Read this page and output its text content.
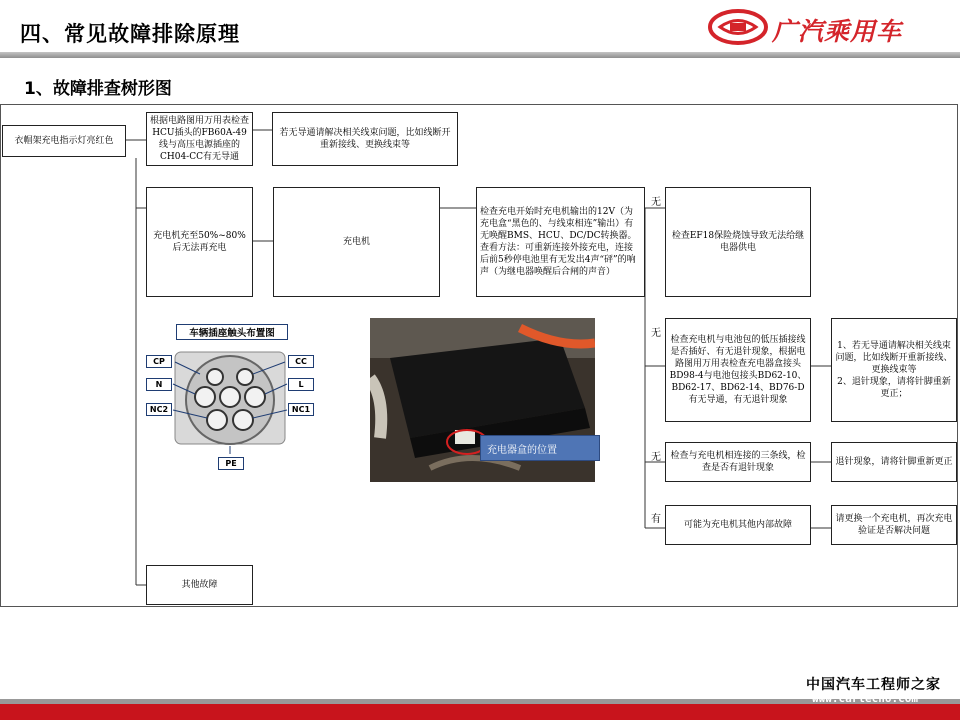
四、常见故障排除原理	广汽乘用车
1、故障排查树形图
衣帽架充电指示灯亮红色
根据电路图用万用表检查HCU插头的FB60A-49线与高压电源插座的CH04-CC有无导通
若无导通请解决相关线束问题，比如线断开重新接线、更换线束等
充电机充至50%~80%后无法再充电
充电机
检查充电开始时充电机输出的12V（为充电盒“黑色的、与线束相连”输出）有无唤醒BMS、HCU、DC/DC转换器。查看方法：可重新连接外接充电，连接后前5秒停电池里有无发出4声“砰”的响声（为继电器唤醒后合闸的声音）
检查EF18保险烧蚀导致无法给继电器供电
检查充电机与电池包的低压插接线是否插好、有无退针现象，根据电路图用万用表检查充电器盒接头BD98-4与电池包接头BD62-10、BD62-17、BD62-14、BD76-D有无导通，有无退针现象
1、若无导通请解决相关线束问题，比如线断开重新接线、更换线束等
2、退针现象，请将针脚重新更正；
检查与充电机相连接的三条线，检查是否有退针现象
退针现象，请将针脚重新更正
可能为充电机其他内部故障
请更换一个充电机，再次充电验证是否解决问题
其他故障
无
无
无
有
车辆插座触头布置图
CP	CC
N	L
NC2	NC1
PE
充电器盒的位置
中国汽车工程师之家
www.cartech8.com
